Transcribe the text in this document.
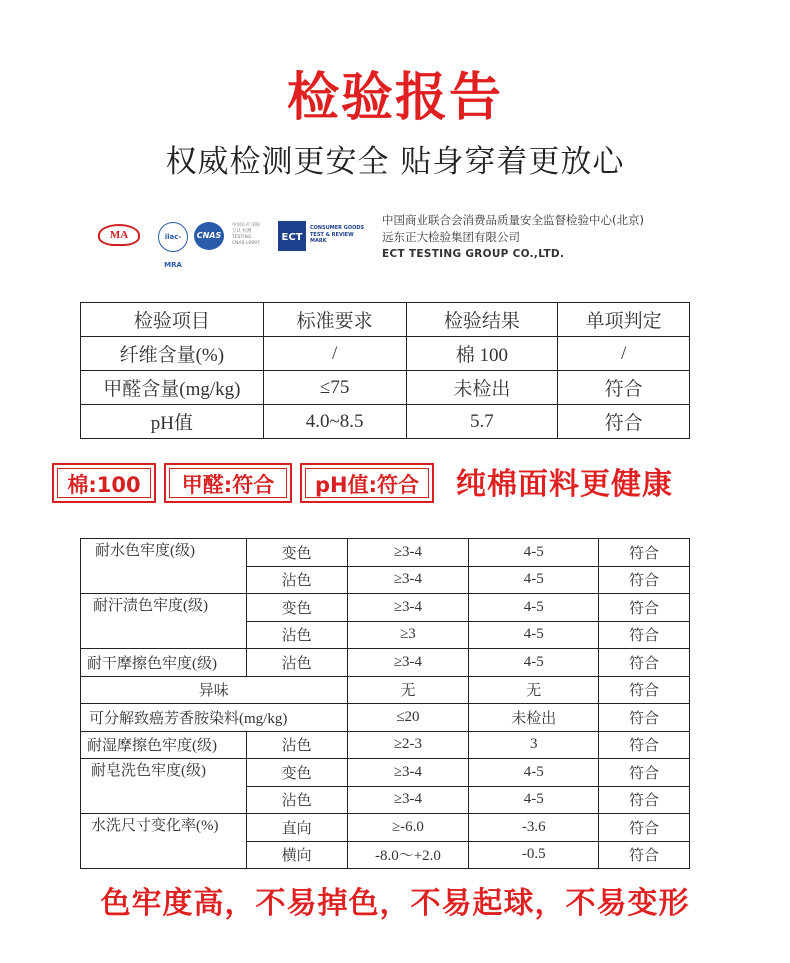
检验报告
权威检测更安全 贴身穿着更放心
MA	ilac-MRA
CNAS
中国认可 国际互认 检测 TESTING CNAS L0997
ECT
CONSUMER GOODS TEST & REVIEW MARK
中国商业联合会消费品质量安全监督检验中心(北京)
远东正大检验集团有限公司
ECT TESTING GROUP CO.,LTD.
检验项目	标准要求	检验结果	单项判定
纤维含量(%)	/	棉 100	/
甲醛含量(mg/kg)	≤75	未检出	符合
pH值	4.0~8.5	5.7	符合
棉:100	甲醛:符合	pH值:符合	纯棉面料更健康
耐水色牢度(级)	变色	≥3-4	4-5	符合
	沾色	≥3-4	4-5	符合
耐汗渍色牢度(级)	变色	≥3-4	4-5	符合
	沾色	≥3	4-5	符合
耐干摩擦色牢度(级)	沾色	≥3-4	4-5	符合
异味		无	无	符合
可分解致癌芳香胺染料(mg/kg)		≤20	未检出	符合
耐湿摩擦色牢度(级)	沾色	≥2-3	3	符合
耐皂洗色牢度(级)	变色	≥3-4	4-5	符合
	沾色	≥3-4	4-5	符合
水洗尺寸变化率(%)	直向	≥-6.0	-3.6	符合
	横向	-8.0～+2.0	-0.5	符合
色牢度高，不易掉色，不易起球，不易变形
